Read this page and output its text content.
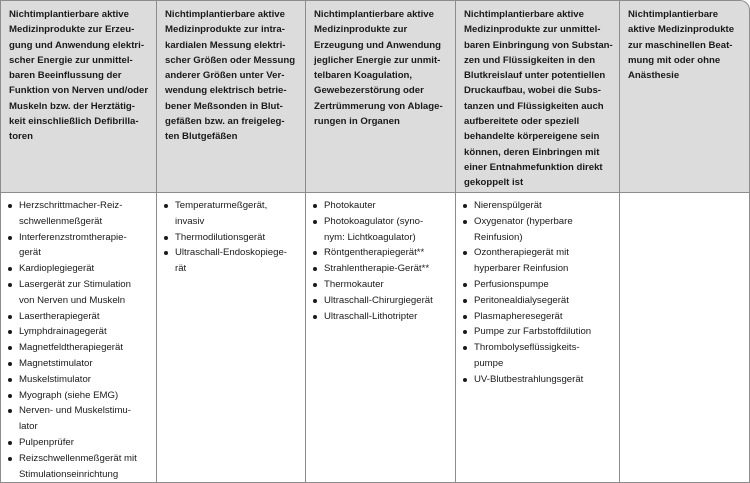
Nichtimplantierbare aktive
Medizinprodukte zur Erzeu-
gung und Anwendung elektri-
scher Energie zur unmittel-
baren Beeinflussung der
Funktion von Nerven und/oder
Muskeln bzw. der Herztätig-
keit einschließlich Defibrilla-
toren
Nichtimplantierbare aktive
Medizinprodukte zur intra-
kardialen Messung elektri-
scher Größen oder Messung
anderer Größen unter Ver-
wendung elektrisch betrie-
bener Meßsonden in Blut-
gefäßen bzw. an freigeleg-
ten Blutgefäßen
Nichtimplantierbare aktive
Medizinprodukte zur
Erzeugung und Anwendung
jeglicher Energie zur unmit-
telbaren Koagulation,
Gewebezerstörung oder
Zertrümmerung von Ablage-
rungen in Organen
Nichtimplantierbare aktive
Medizinprodukte zur unmittel-
baren Einbringung von Substan-
zen und Flüssigkeiten in den
Blutkreislauf unter potentiellen
Druckaufbau, wobei die Subs-
tanzen und Flüssigkeiten auch
aufbereitete oder speziell
behandelte körpereigene sein
können, deren Einbringen mit
einer Entnahmefunktion direkt
gekoppelt ist
Nichtimplantierbare aktive Medizinprodukte zur maschinellen Beat- mung mit oder ohne Anästhesie
Herzschrittmacher-Reiz-
schwellenmeßgerät
Interferenzstromtherapie-
gerät
Kardioplegiegerät
Lasergerät zur Stimulation
von Nerven und Muskeln
Lasertherapiegerät
Lymphdrainagegerät
Magnetfeldtherapiegerät
Magnetstimulator
Muskelstimulator
Myograph (siehe EMG)
Nerven- und Muskelstimu-
lator
Pulpenprüfer
Reizschwellenmeßgerät mit
Stimulationseinrichtung
Temperaturmeßgerät,
invasiv
Thermodilutionsgerät
Ultraschall-Endoskopiege-
rät
Photokauter
Photokoagulator (syno-
nym: Lichtkoagulator)
Röntgentherapiegerät**
Strahlentherapie-Gerät**
Thermokauter
Ultraschall-Chirurgiegerät
Ultraschall-Lithotripter
Nierenspülgerät
Oxygenator (hyperbare
Reinfusion)
Ozontherapiegerät mit
hyperbarer Reinfusion
Perfusionspumpe
Peritonealdialysegerät
Plasmapheresegerät
Pumpe zur Farbstoffdilution
Thrombolyseflüssigkeits-
pumpe
UV-Blutbestrahlungsgerät
